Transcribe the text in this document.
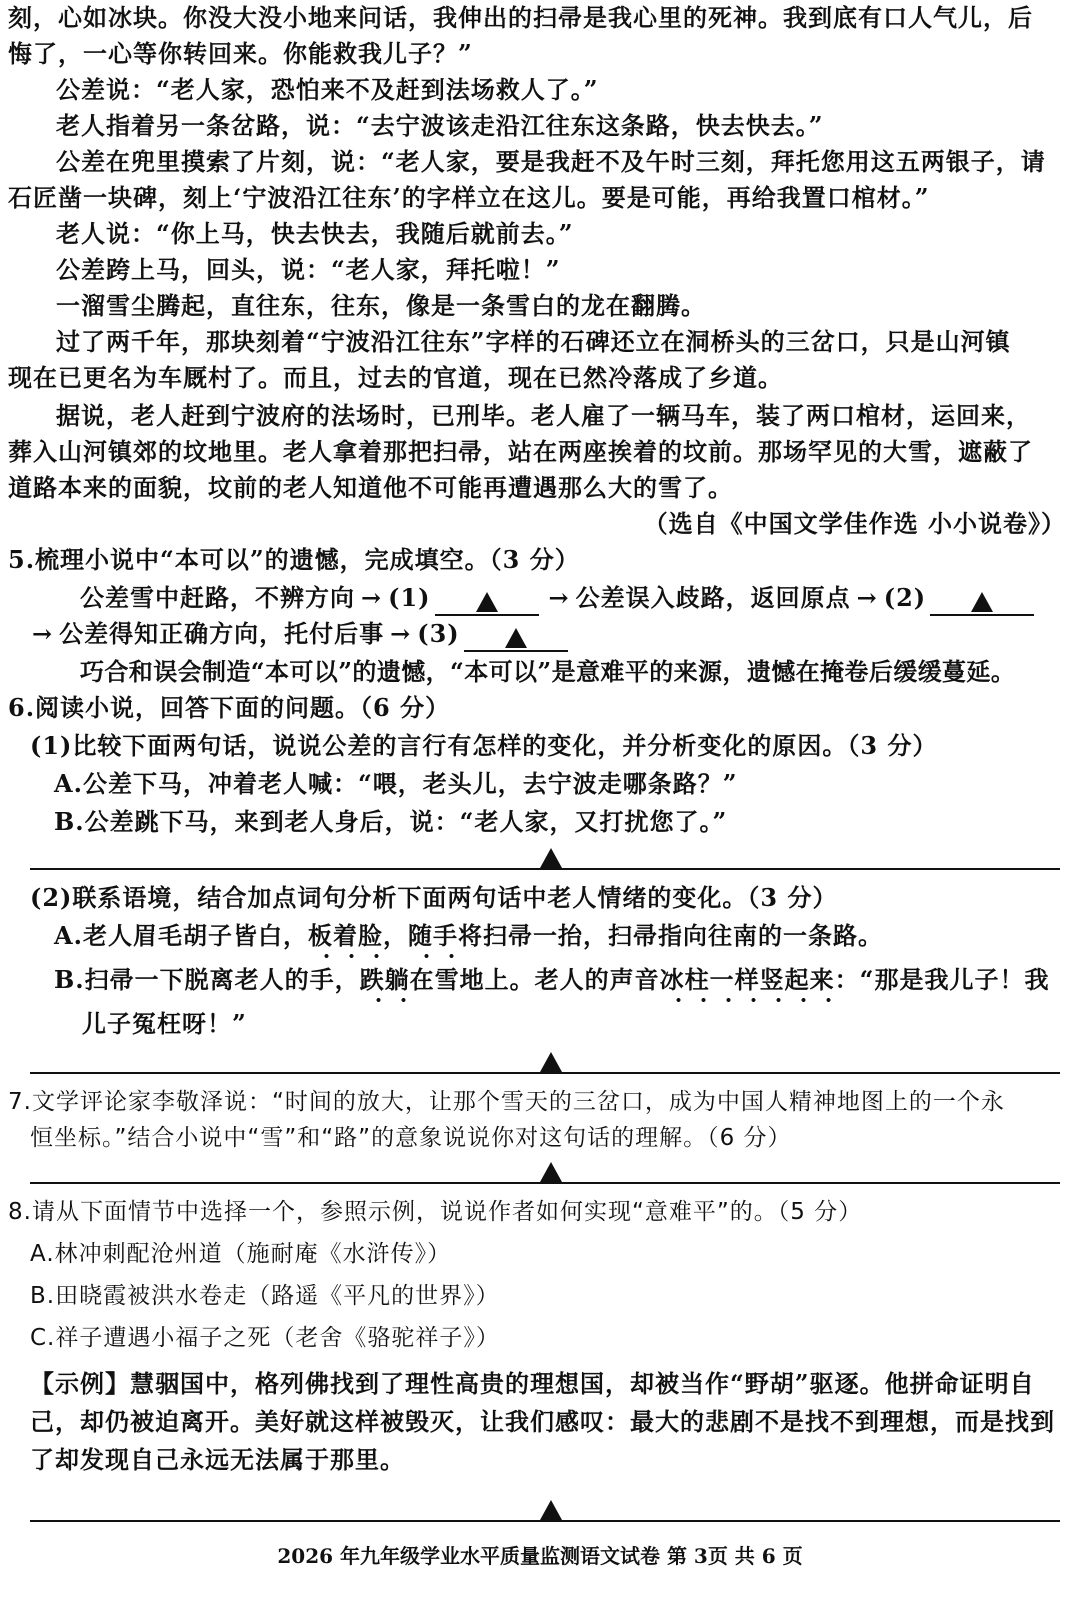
刻，心如冰块。你没大没小地来问话，我伸出的扫帚是我心里的死神。我到底有口人气儿，后
悔了，一心等你转回来。你能救我儿子？”
公差说：“老人家，恐怕来不及赶到法场救人了。”
老人指着另一条岔路，说：“去宁波该走沿江往东这条路，快去快去。”
公差在兜里摸索了片刻，说：“老人家，要是我赶不及午时三刻，拜托您用这五两银子，请
石匠凿一块碑，刻上‘宁波沿江往东’的字样立在这儿。要是可能，再给我置口棺材。”
老人说：“你上马，快去快去，我随后就前去。”
公差跨上马，回头，说：“老人家，拜托啦！”
一溜雪尘腾起，直往东，往东，像是一条雪白的龙在翻腾。
过了两千年，那块刻着“宁波沿江往东”字样的石碑还立在洞桥头的三岔口，只是山河镇
现在已更名为车厩村了。而且，过去的官道，现在已然冷落成了乡道。
据说，老人赶到宁波府的法场时，已刑毕。老人雇了一辆马车，装了两口棺材，运回来，
葬入山河镇郊的坟地里。老人拿着那把扫帚，站在两座挨着的坟前。那场罕见的大雪，遮蔽了
道路本来的面貌，坟前的老人知道他不可能再遭遇那么大的雪了。
（选自《中国文学佳作选 小小说卷》）
5.梳理小说中“本可以”的遗憾，完成填空。（3 分）
公差雪中赶路，不辨方向 → (1)	→ 公差误入歧路，返回原点 → (2)
→ 公差得知正确方向，托付后事 → (3)
巧合和误会制造“本可以”的遗憾，“本可以”是意难平的来源，遗憾在掩卷后缓缓蔓延。
6.阅读小说，回答下面的问题。（6 分）
(1)比较下面两句话，说说公差的言行有怎样的变化，并分析变化的原因。（3 分）
A.公差下马，冲着老人喊：“喂，老头儿，去宁波走哪条路？”
B.公差跳下马，来到老人身后，说：“老人家，又打扰您了。”
(2)联系语境，结合加点词句分析下面两句话中老人情绪的变化。（3 分）
A.老人眉毛胡子皆白，板着脸，随手将扫帚一抬，扫帚指向往南的一条路。
B.扫帚一下脱离老人的手，跌躺在雪地上。老人的声音冰柱一样竖起来：“那是我儿子！我
儿子冤枉呀！”
7.文学评论家李敬泽说：“时间的放大，让那个雪天的三岔口，成为中国人精神地图上的一个永
恒坐标。”结合小说中“雪”和“路”的意象说说你对这句话的理解。（6 分）
8.请从下面情节中选择一个，参照示例，说说作者如何实现“意难平”的。（5 分）
A.林冲刺配沧州道（施耐庵《水浒传》）
B.田晓霞被洪水卷走（路遥《平凡的世界》）
C.祥子遭遇小福子之死（老舍《骆驼祥子》）
【示例】慧骃国中，格列佛找到了理性高贵的理想国，却被当作“野胡”驱逐。他拼命证明自
己，却仍被迫离开。美好就这样被毁灭，让我们感叹：最大的悲剧不是找不到理想，而是找到
了却发现自己永远无法属于那里。
2026 年九年级学业水平质量监测语文试卷 第 3页 共 6 页
